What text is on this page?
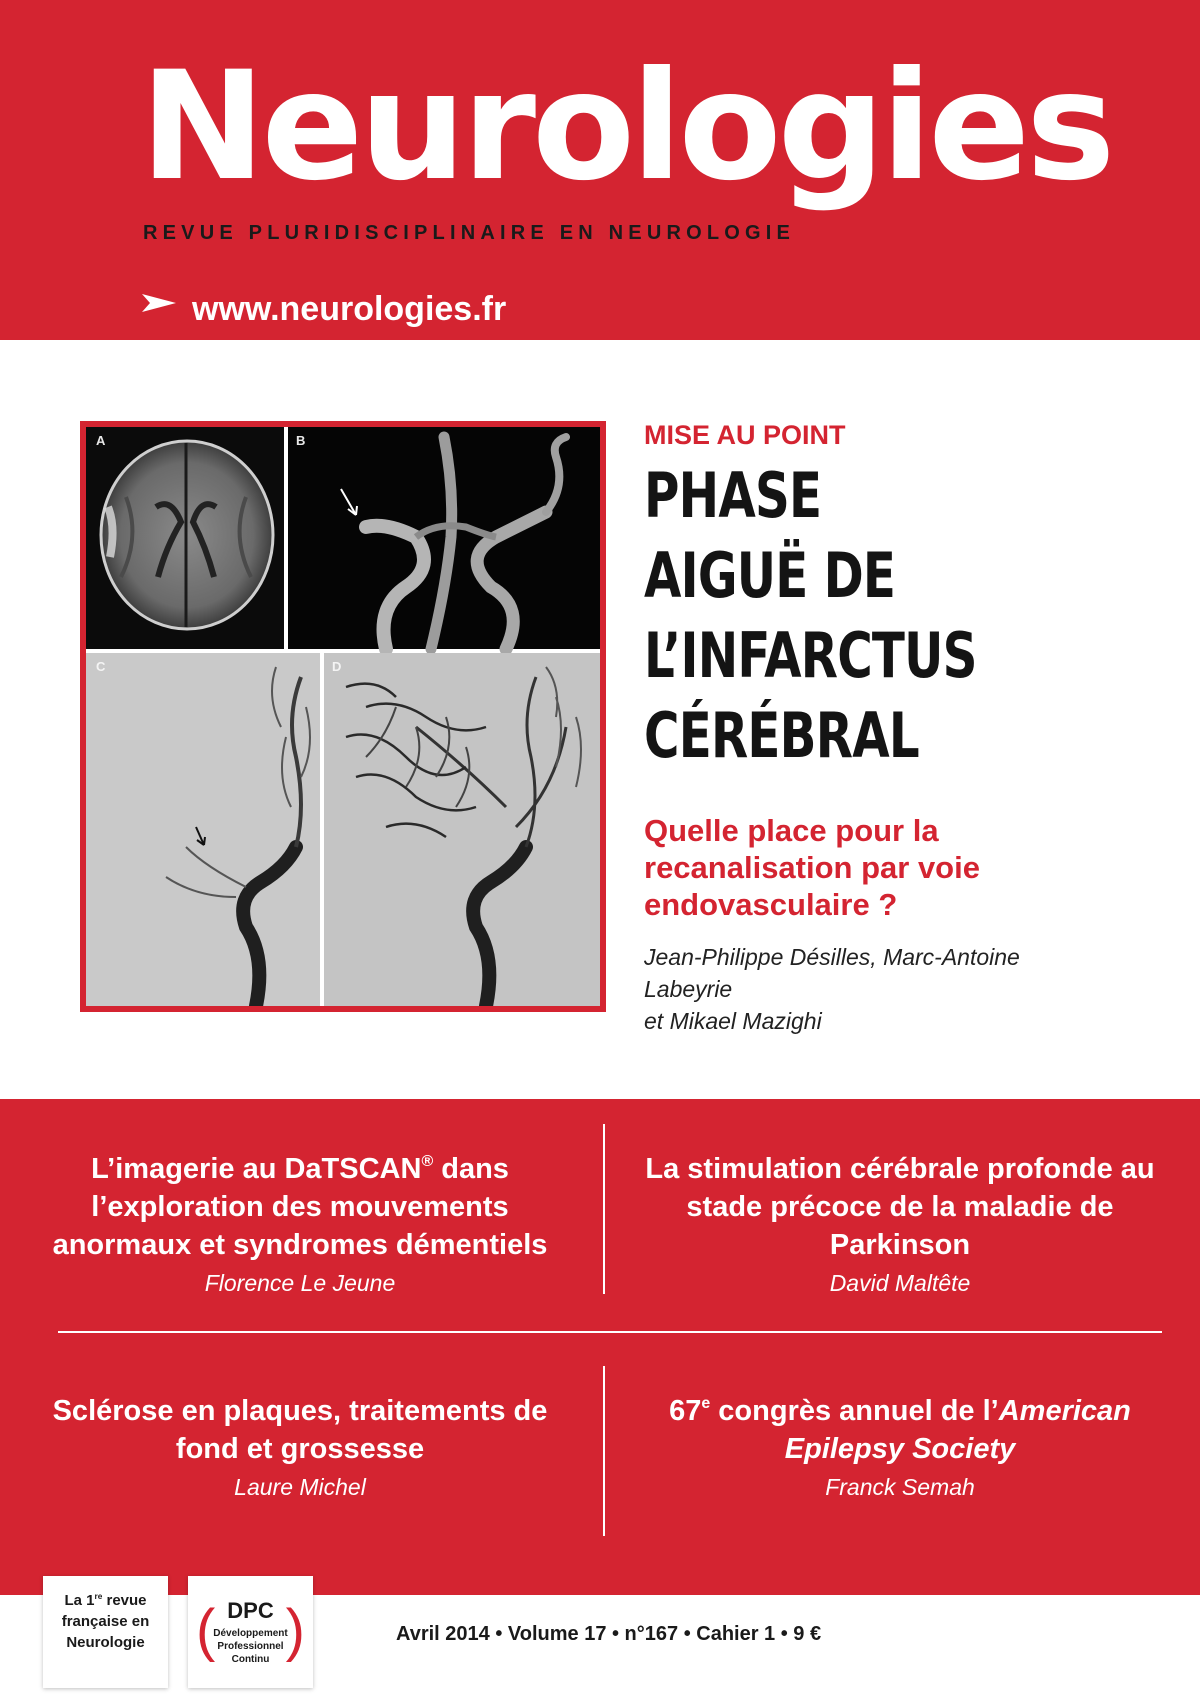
Neurologies

REVUE PLURIDISCIPLINAIRE EN NEUROLOGIE

www.neurologies.fr
A	B
C	D

MISE AU POINT

PHASE
AIGUË DE
L’INFARCTUS
CÉRÉBRAL

Quelle place pour la recanalisation par voie endovasculaire ?

Jean-Philippe Désilles, Marc-Antoine Labeyrie
et Mikael Mazighi

L’imagerie au DaTSCAN® dans l’exploration des mouvements anormaux et syndromes démentiels

Florence Le Jeune

La stimulation cérébrale profonde au stade précoce de la maladie de Parkinson

David Maltête

Sclérose en plaques, traitements de fond et grossesse

Laure Michel

67e congrès annuel de l’American Epilepsy Society

Franck Semah

La 1re revue
française en
Neurologie ( )
DPC
Développement
Professionnel
Continu

Avril 2014 • Volume 17 • n°167 • Cahier 1 • 9 €
